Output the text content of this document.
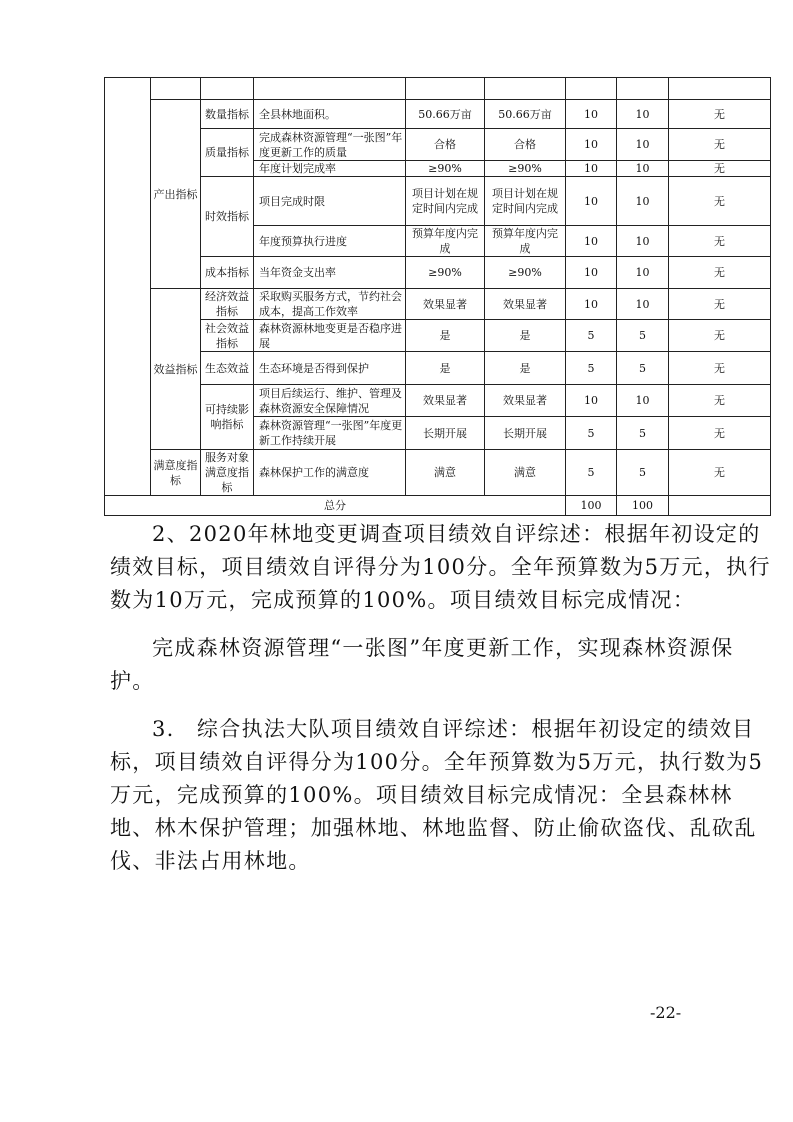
	产出指标	数量指标	全县林地面积。	50.66万亩	50.66万亩	10	10	无
		质量指标	完成森林资源管理“一张图”年度更新工作的质量	合格	合格	10	10	无
			年度计划完成率	≥90%	≥90%	10	10	无
		时效指标	项目完成时限	项目计划在规定时间内完成	项目计划在规定时间内完成	10	10	无
			年度预算执行进度	预算年度内完成	预算年度内完成	10	10	无
		成本指标	当年资金支出率	≥90%	≥90%	10	10	无
	效益指标	经济效益指标	采取购买服务方式，节约社会成本，提高工作效率	效果显著	效果显著	10	10	无
		社会效益指标	森林资源林地变更是否稳序进展	是	是	5	5	无
		生态效益	生态环境是否得到保护	是	是	5	5	无
		可持续影响指标	项目后续运行、维护、管理及森林资源安全保障情况	效果显著	效果显著	10	10	无
			森林资源管理“一张图”年度更新工作持续开展	长期开展	长期开展	5	5	无
	满意度指标	服务对象满意度指标	森林保护工作的满意度	满意	满意	5	5	无
总分						100	100	
2、2020年林地变更调查项目绩效自评综述：根据年初设定的绩效目标，项目绩效自评得分为100分。全年预算数为5万元，执行数为10万元，完成预算的100%。项目绩效目标完成情况：
完成森林资源管理“一张图”年度更新工作，实现森林资源保护。
3.　综合执法大队项目绩效自评综述：根据年初设定的绩效目标，项目绩效自评得分为100分。全年预算数为5万元，执行数为5万元，完成预算的100%。项目绩效目标完成情况：全县森林林地、林木保护管理；加强林地、林地监督、防止偷砍盗伐、乱砍乱伐、非法占用林地。
-22-
